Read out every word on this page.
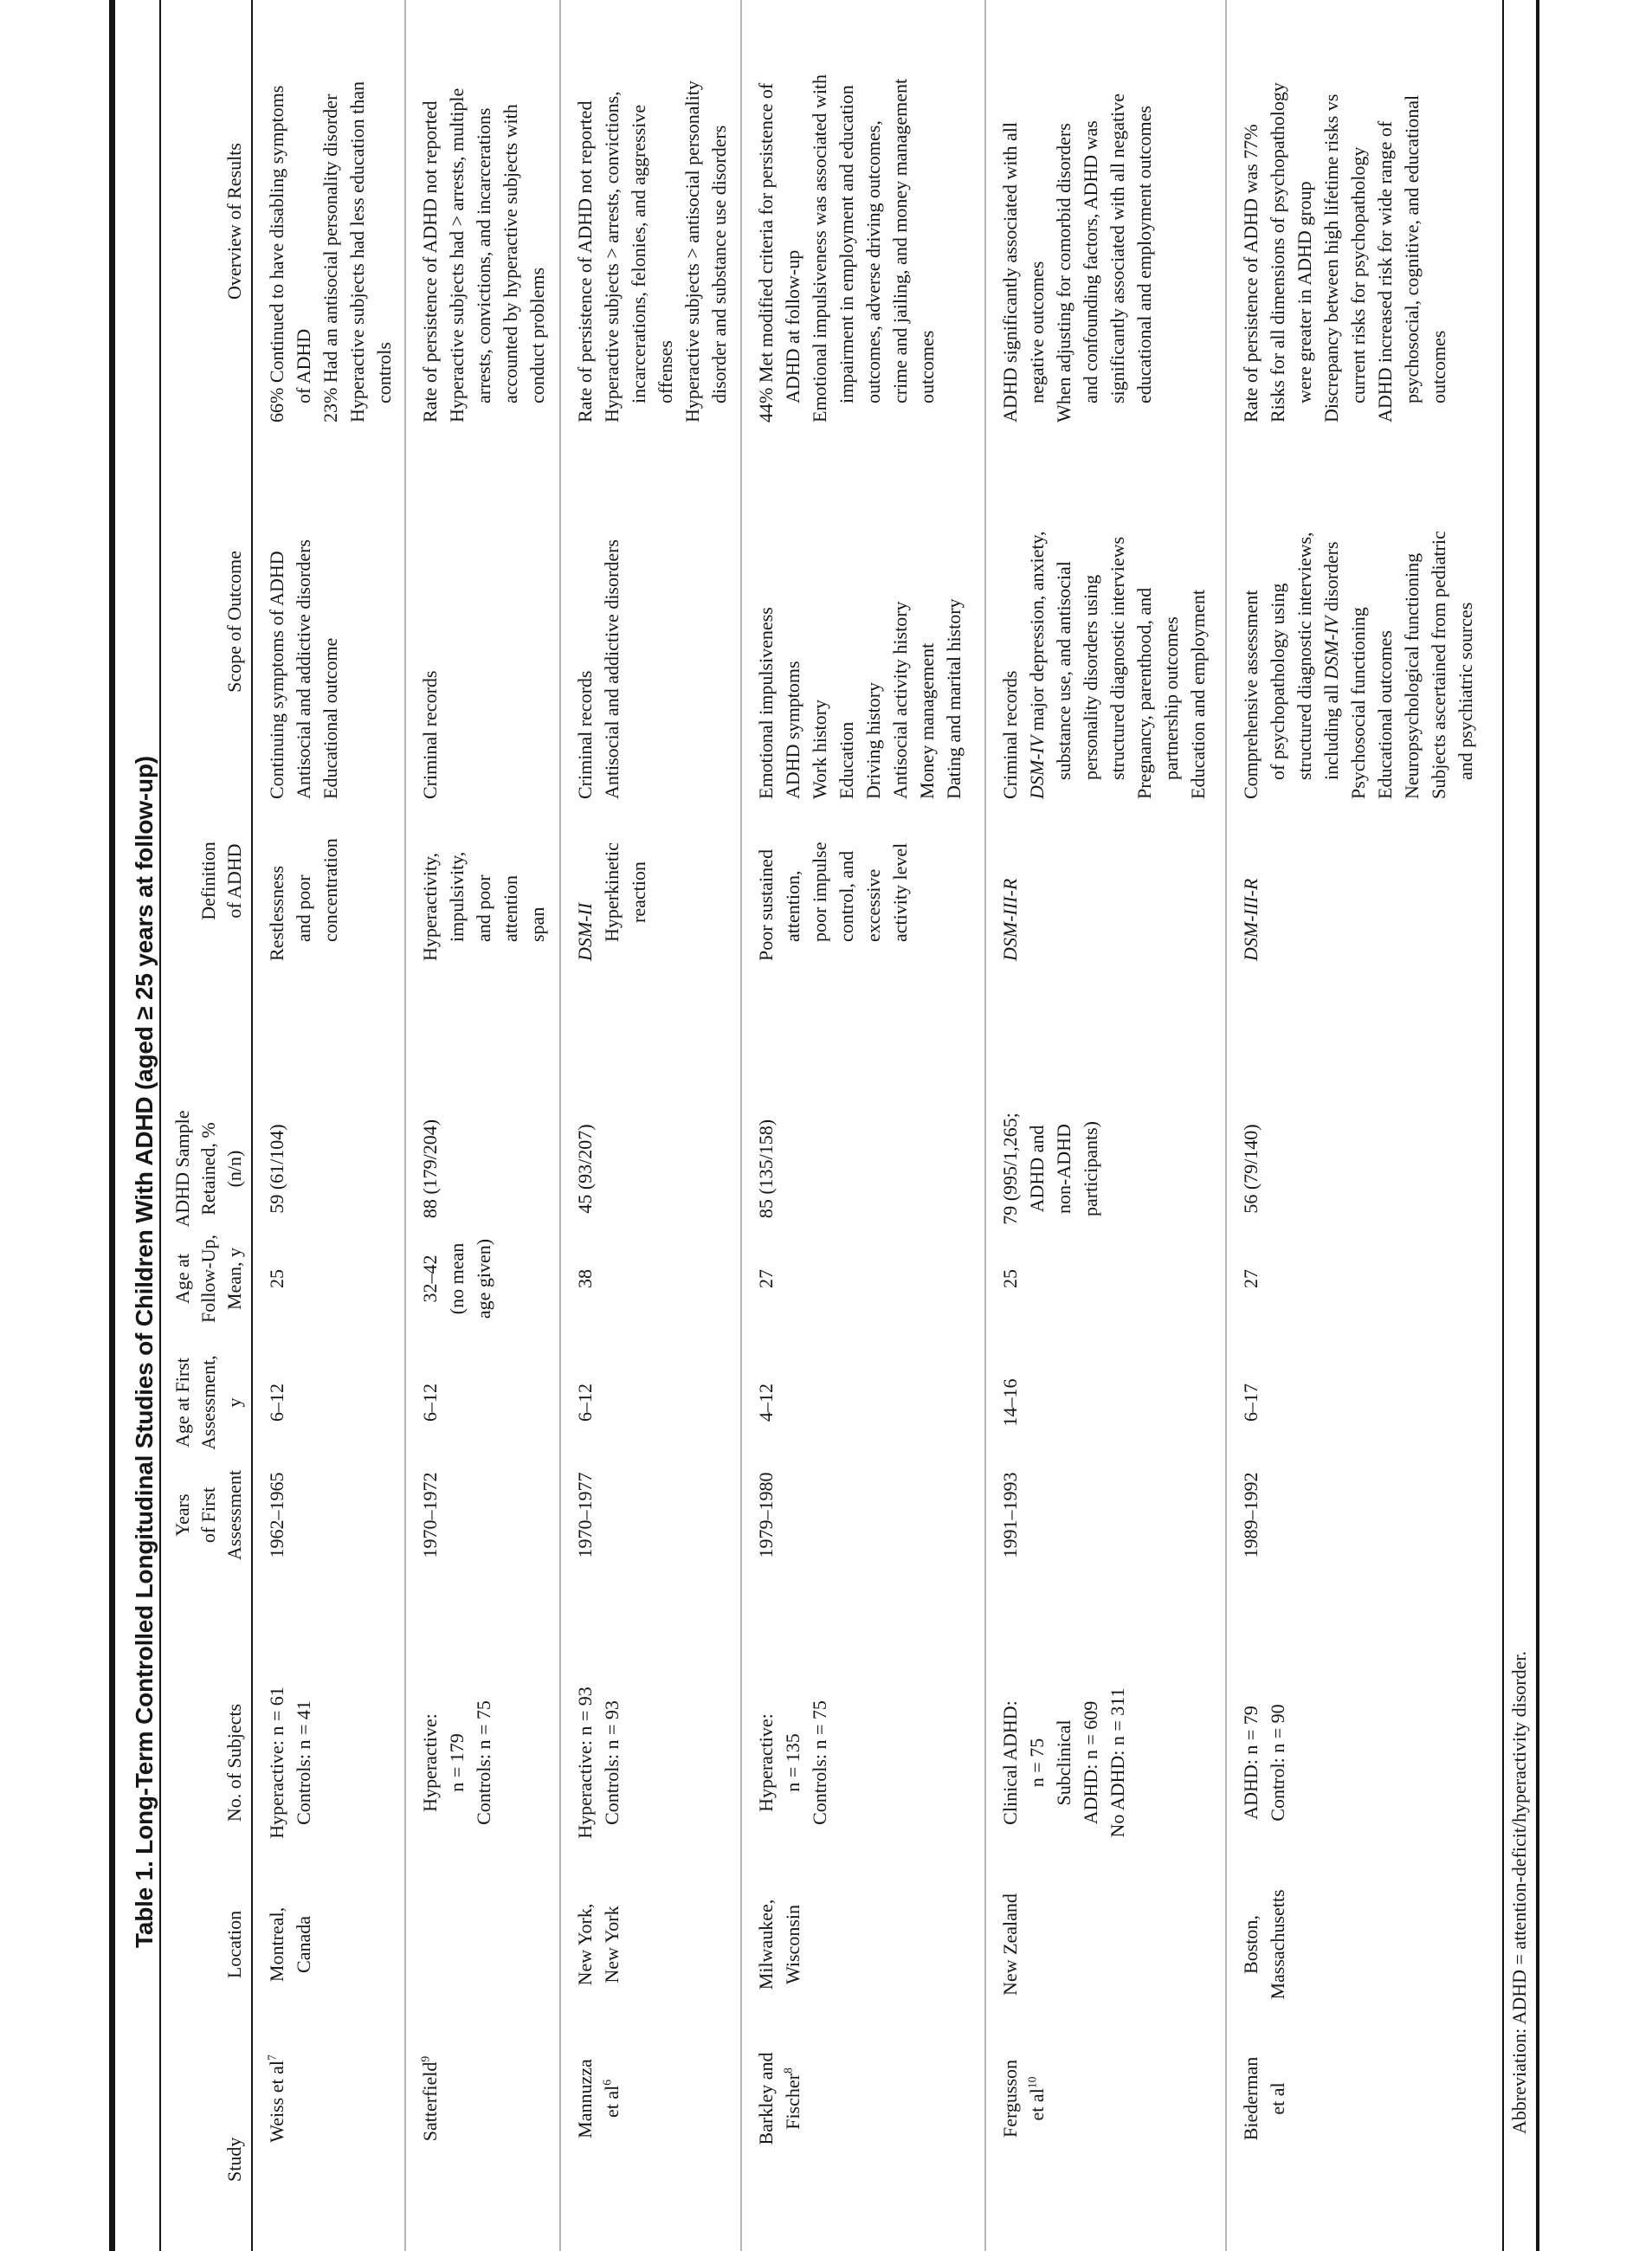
Table 1. Long-Term Controlled Longitudinal Studies of Children With ADHD (aged ≥ 25 years at follow-up)
Study
Location
No. of Subjects
Years of First Assessment
Age at First Assessment, y
Age at Follow-Up, Mean, y
ADHD Sample Retained, % (n/n)
Definition of ADHD
Scope of Outcome
Overview of Results
Weiss et $al^7$
Montreal, Canada
Hyperactive: n = 61 Controls: n = 41
1962–1965
6–12
25
59 (61/104)
Restlessness and poor concentration
Continuing symptoms of ADHD Antisocial and addictive disorders Educational outcome
66% Continued to have disabling symptoms of ADHD 23% Had an antisocial personality disorder Hyperactive subjects had less education than controls
Satterfield$^9$
Hyperactive: n = 179 Controls: n = 75
1970–1972
6–12
32–42 (no mean age given)
88 (179/204)
Hyperactivity, impulsivity, and poor attention span
Criminal records
Rate of persistence of ADHD not reported Hyperactive subjects had > arrests, multiple arrests, convictions, and incarcerations accounted by hyperactive subjects with conduct problems
Mannuzza et $al^6$
New York, New York
Hyperactive: n = 93 Controls: n = 93
1970–1977
6–12
38
45 (93/207)
DSM-II Hyperkinetic reaction
Criminal records Antisocial and addictive disorders
Rate of persistence of ADHD not reported Hyperactive subjects > arrests, convictions, incarcerations, felonies, and aggressive offenses Hyperactive subjects > antisocial personality disorder and substance use disorders
Barkley and Fischer$^8$
Milwaukee, Wisconsin
Hyperactive: n = 135 Controls: n = 75
1979–1980
4–12
27
85 (135/158)
Poor sustained attention, poor impulse control, and excessive activity level
Emotional impulsiveness ADHD symptoms Work history Education Driving history Antisocial activity history Money management Dating and marital history
44% Met modified criteria for persistence of ADHD at follow-up Emotional impulsiveness was associated with impairment in employment and education outcomes, adverse driving outcomes, crime and jailing, and money management outcomes
Fergusson et $al^{10}$
New Zealand
Clinical ADHD: n = 75 Subclinical ADHD: n = 609 No ADHD: n = 311
1991–1993
14–16
25
79 (995/1,265; ADHD and non-ADHD participants)
DSM-III-R
Criminal records DSM-IV major depression, anxiety, substance use, and antisocial personality disorders using structured diagnostic interviews Pregnancy, parenthood, and partnership outcomes Education and employment
ADHD significantly associated with all negative outcomes When adjusting for comorbid disorders and confounding factors, ADHD was significantly associated with all negative educational and employment outcomes
Biederman et al
Boston, Massachusetts
ADHD: n = 79 Control: n = 90
1989–1992
6–17
27
56 (79/140)
DSM-III-R
Comprehensive assessment of psychopathology using structured diagnostic interviews, including all DSM-IV disorders
Psychosocial functioning Educational outcomes Neuropsychological functioning Subjects ascertained from pediatric and psychiatric sources
Rate of persistence of ADHD was 77% Risks for all dimensions of psychopathology were greater in ADHD group Discrepancy between high lifetime risks vs current risks for psychopathology ADHD increased risk for wide range of psychosocial, cognitive, and educational outcomes
Abbreviation: ADHD = attention-deficit/hyperactivity disorder.
